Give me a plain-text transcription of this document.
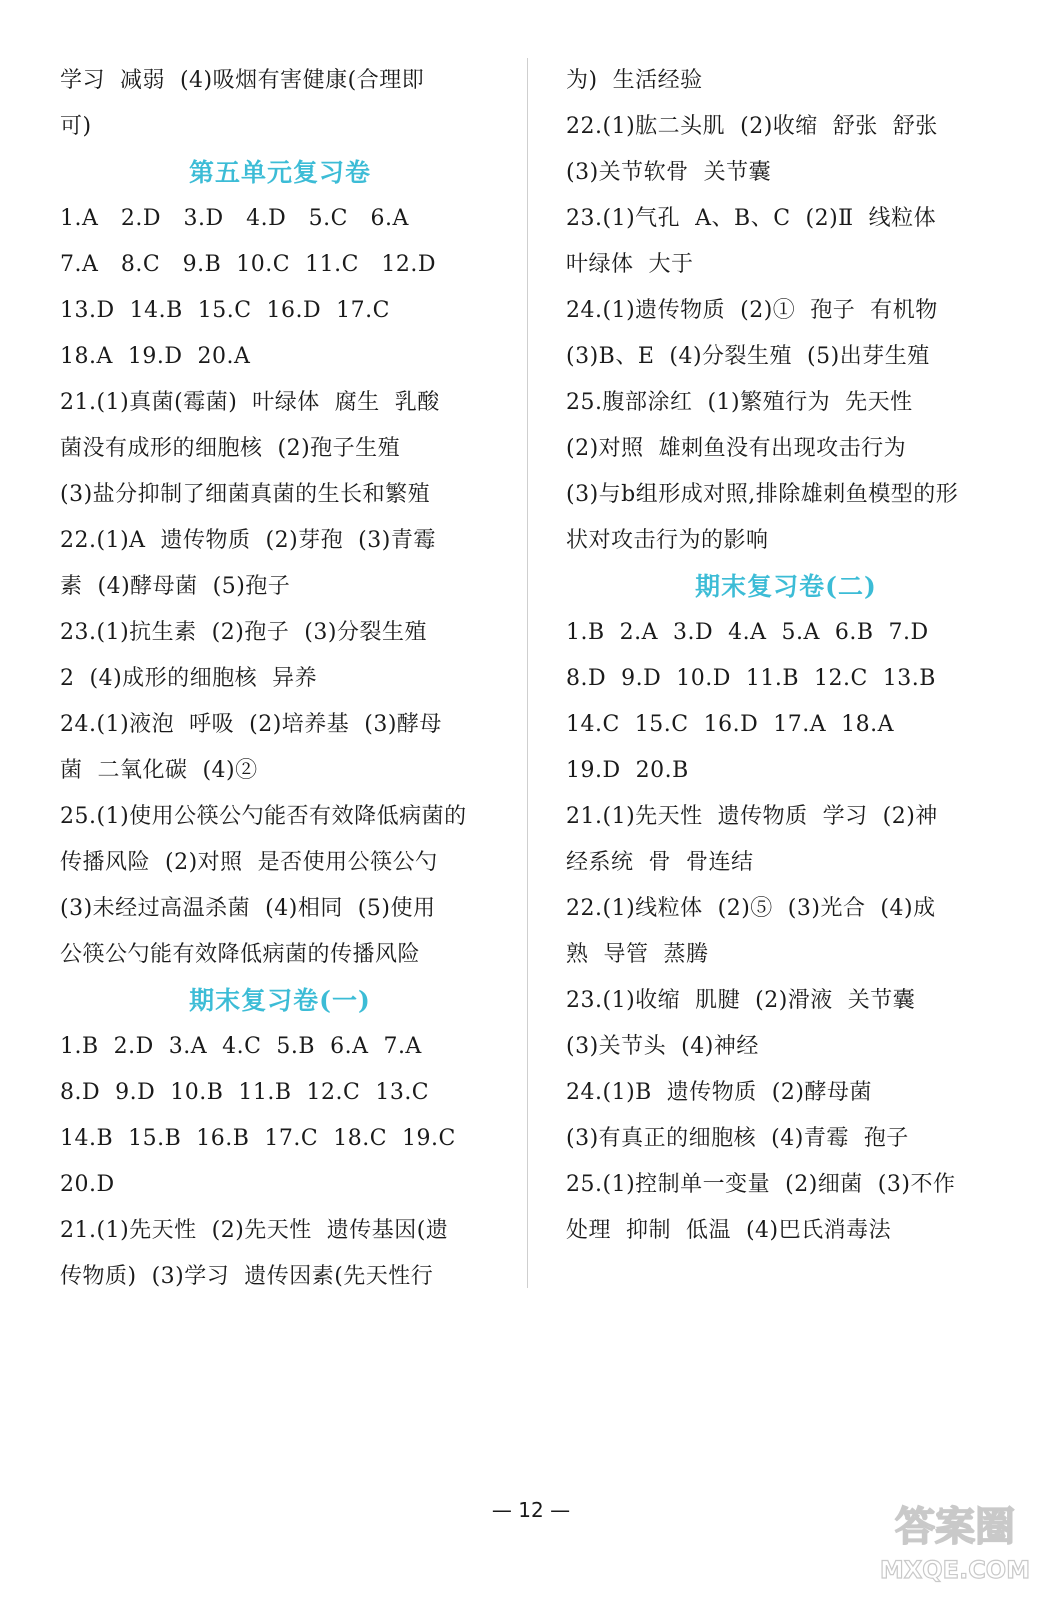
学习  减弱  (4)吸烟有害健康(合理即
可)
第五单元复习卷
1.A   2.D   3.D   4.D   5.C   6.A
7.A   8.C   9.B  10.C  11.C   12.D
13.D  14.B  15.C  16.D  17.C
18.A  19.D  20.A
21.(1)真菌(霉菌)  叶绿体  腐生  乳酸
菌没有成形的细胞核  (2)孢子生殖
(3)盐分抑制了细菌真菌的生长和繁殖
22.(1)A  遗传物质  (2)芽孢  (3)青霉
素  (4)酵母菌  (5)孢子
23.(1)抗生素  (2)孢子  (3)分裂生殖
2  (4)成形的细胞核  异养
24.(1)液泡  呼吸  (2)培养基  (3)酵母
菌  二氧化碳  (4)②
25.(1)使用公筷公勺能否有效降低病菌的
传播风险  (2)对照  是否使用公筷公勺
(3)未经过高温杀菌  (4)相同  (5)使用
公筷公勺能有效降低病菌的传播风险
期末复习卷(一)
1.B  2.D  3.A  4.C  5.B  6.A  7.A
8.D  9.D  10.B  11.B  12.C  13.C
14.B  15.B  16.B  17.C  18.C  19.C
20.D
21.(1)先天性  (2)先天性  遗传基因(遗
传物质)  (3)学习  遗传因素(先天性行
为)  生活经验
22.(1)肱二头肌  (2)收缩  舒张  舒张
(3)关节软骨  关节囊
23.(1)气孔  A、B、C  (2)Ⅱ  线粒体
叶绿体  大于
24.(1)遗传物质  (2)①  孢子  有机物
(3)B、E  (4)分裂生殖  (5)出芽生殖
25.腹部涂红  (1)繁殖行为  先天性
(2)对照  雄刺鱼没有出现攻击行为
(3)与b组形成对照,排除雄刺鱼模型的形
状对攻击行为的影响
期末复习卷(二)
1.B  2.A  3.D  4.A  5.A  6.B  7.D
8.D  9.D  10.D  11.B  12.C  13.B
14.C  15.C  16.D  17.A  18.A
19.D  20.B
21.(1)先天性  遗传物质  学习  (2)神
经系统  骨  骨连结
22.(1)线粒体  (2)⑤  (3)光合  (4)成
熟  导管  蒸腾
23.(1)收缩  肌腱  (2)滑液  关节囊
(3)关节头  (4)神经
24.(1)B  遗传物质  (2)酵母菌
(3)有真正的细胞核  (4)青霉  孢子
25.(1)控制单一变量  (2)细菌  (3)不作
处理  抑制  低温  (4)巴氏消毒法
— 12 —	答案圈
MXQE.COM
